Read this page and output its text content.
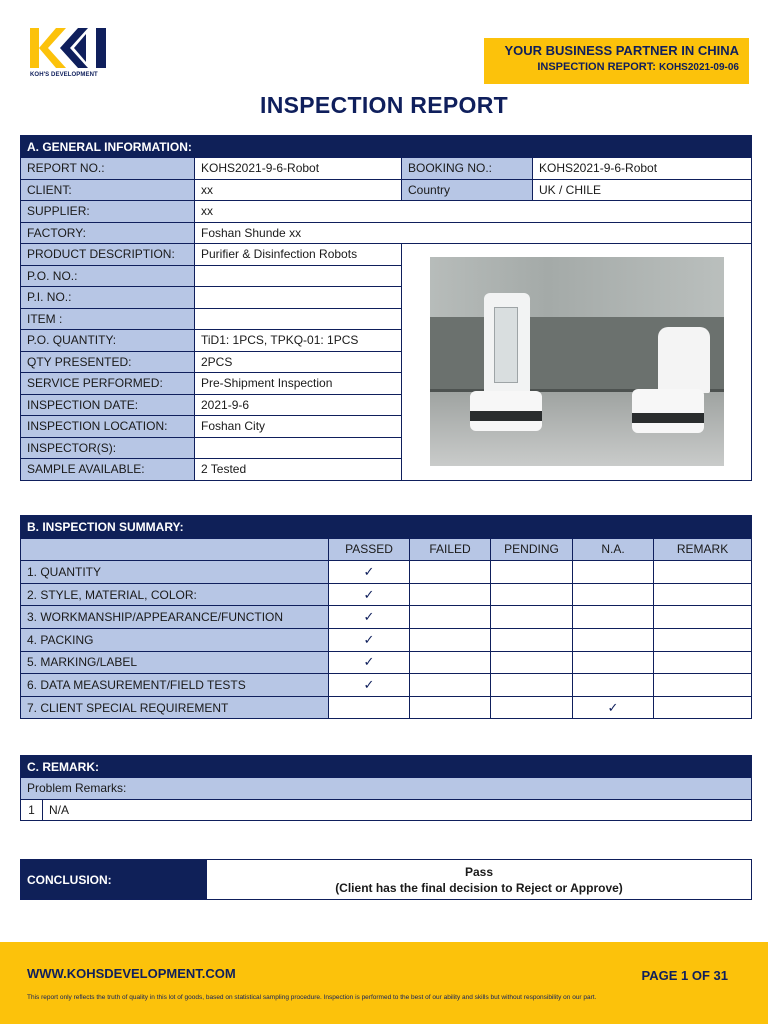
KOH'S DEVELOPMENT
YOUR BUSINESS PARTNER IN CHINA
INSPECTION REPORT: KOHS2021-09-06
INSPECTION REPORT
A. GENERAL INFORMATION:			
REPORT NO.:	KOHS2021-9-6-Robot	BOOKING NO.:	KOHS2021-9-6-Robot
CLIENT:	xx	Country	UK / CHILE
SUPPLIER:	xx		
FACTORY:	Foshan Shunde xx		
PRODUCT DESCRIPTION:	Purifier & Disinfection Robots		

P.O. NO.:			
P.I. NO.:			
ITEM :			
P.O. QUANTITY:	TiD1: 1PCS, TPKQ-01: 1PCS		
QTY PRESENTED:	2PCS		
SERVICE PERFORMED:	Pre-Shipment Inspection		
INSPECTION DATE:	2021-9-6		
INSPECTION LOCATION:	Foshan City		
INSPECTOR(S):			
SAMPLE AVAILABLE:	2 Tested		
B. INSPECTION SUMMARY:					
	PASSED	FAILED	PENDING	N.A.	REMARK
1. QUANTITY	✓				
2. STYLE, MATERIAL, COLOR:	✓				
3. WORKMANSHIP/APPEARANCE/FUNCTION	✓				
4. PACKING	✓				
5. MARKING/LABEL	✓				
6. DATA MEASUREMENT/FIELD TESTS	✓				
7. CLIENT SPECIAL REQUIREMENT				✓	
C. REMARK:
Problem Remarks:
1	N/A
CONCLUSION:	
Pass
(Client has the final decision to Reject or Approve)
WWW.KOHSDEVELOPMENT.COM	PAGE 1 OF 31
This report only reflects the truth of quality in this lot of goods, based on statistical sampling procedure. Inspection is performed to the best of our ability and skills but without responsibility on our part.
